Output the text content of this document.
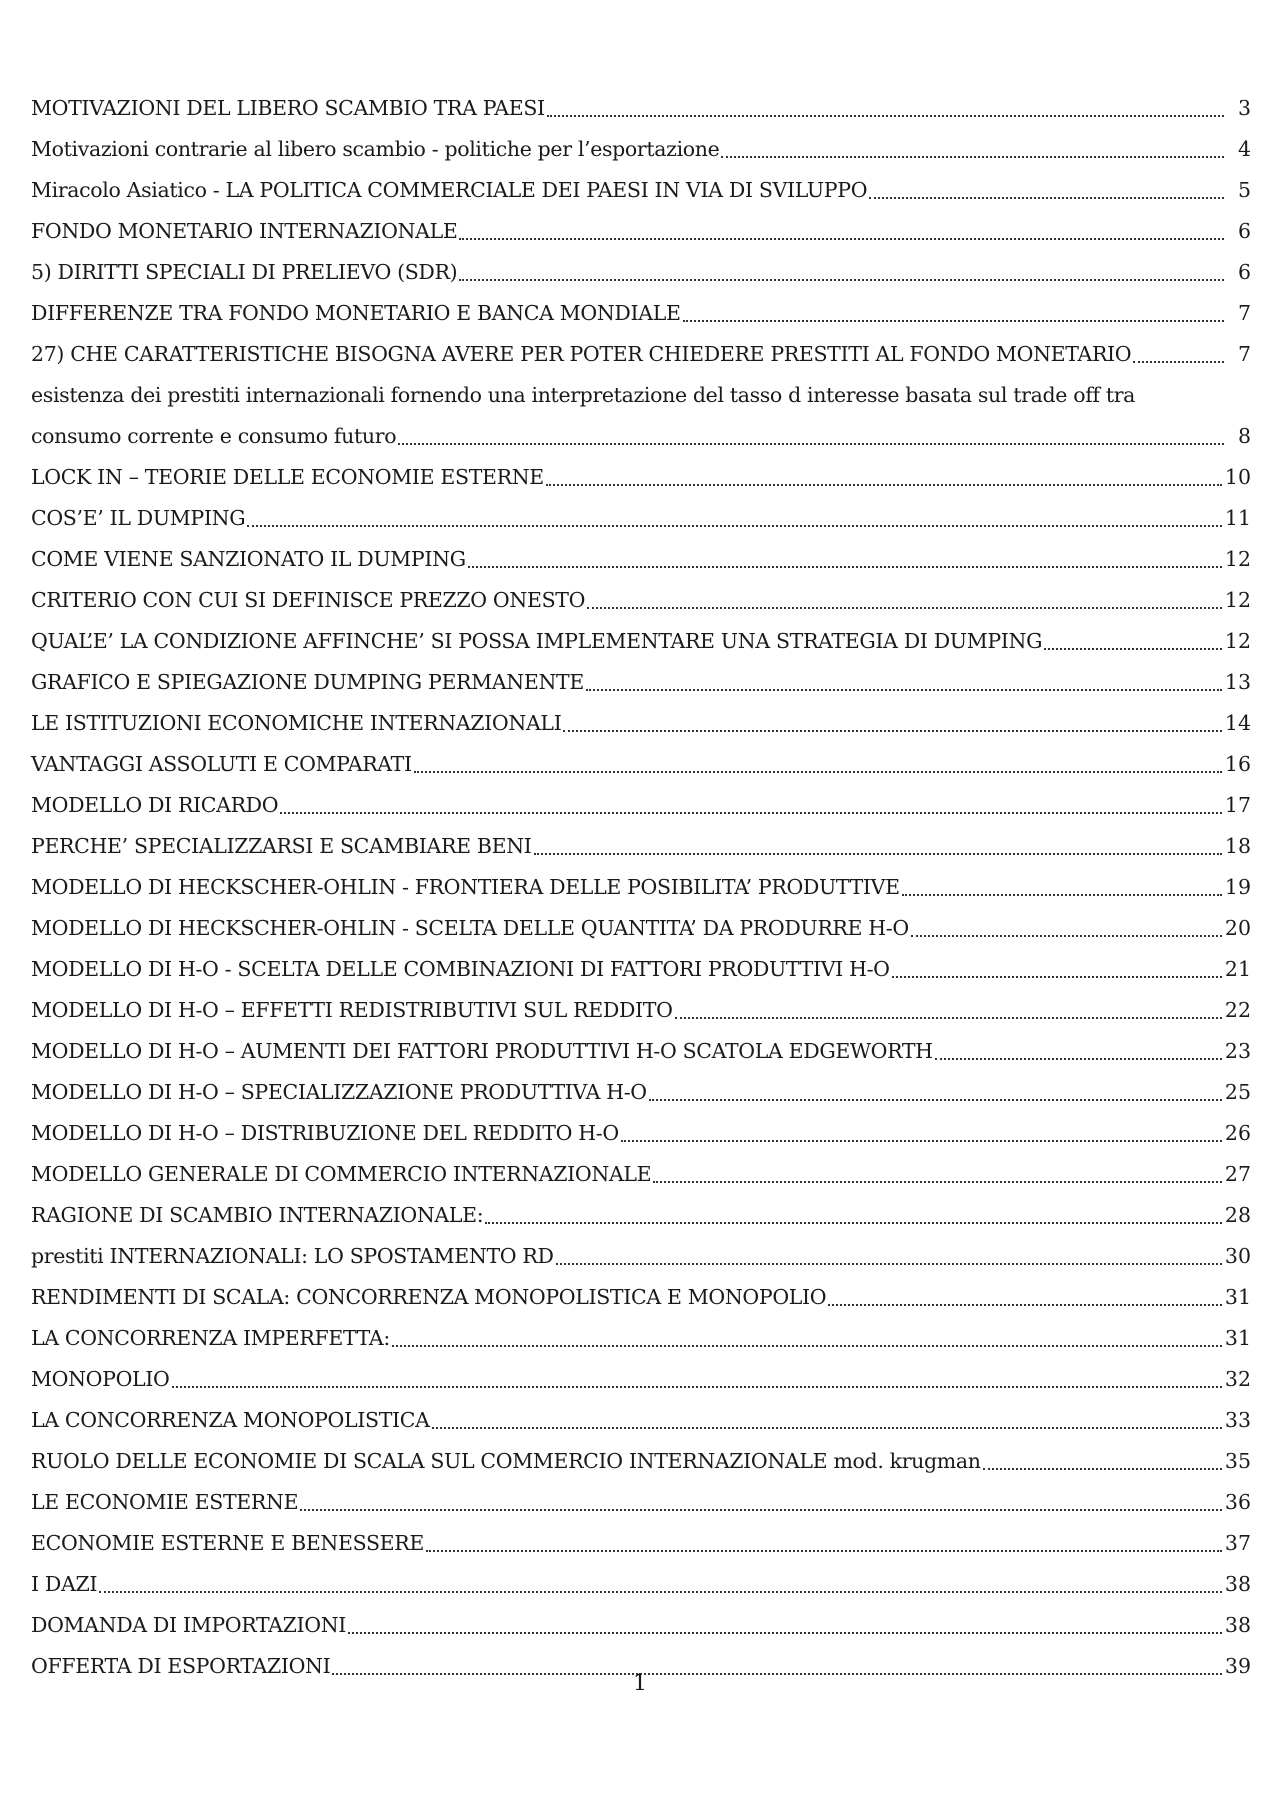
MOTIVAZIONI DEL LIBERO SCAMBIO TRA PAESI	3
Motivazioni contrarie al libero scambio - politiche per l’esportazione	4
Miracolo Asiatico - LA POLITICA COMMERCIALE DEI PAESI IN VIA DI SVILUPPO	5
FONDO MONETARIO INTERNAZIONALE	6
5) DIRITTI SPECIALI DI PRELIEVO (SDR)	6
DIFFERENZE TRA FONDO MONETARIO E BANCA MONDIALE	7
27) CHE CARATTERISTICHE BISOGNA AVERE PER POTER CHIEDERE PRESTITI AL FONDO MONETARIO	7
esistenza dei prestiti internazionali fornendo una interpretazione del tasso d interesse basata sul trade off tra
consumo corrente e consumo futuro	8
LOCK IN – TEORIE DELLE ECONOMIE ESTERNE	10
COS’E’ IL DUMPING	11
COME VIENE SANZIONATO IL DUMPING	12
CRITERIO CON CUI SI DEFINISCE PREZZO ONESTO	12
QUAL’E’ LA CONDIZIONE AFFINCHE’ SI POSSA IMPLEMENTARE UNA STRATEGIA DI DUMPING	12
GRAFICO E SPIEGAZIONE DUMPING PERMANENTE	13
LE ISTITUZIONI ECONOMICHE INTERNAZIONALI	14
VANTAGGI ASSOLUTI E COMPARATI	16
MODELLO DI RICARDO	17
PERCHE’ SPECIALIZZARSI E SCAMBIARE BENI	18
MODELLO DI HECKSCHER-OHLIN - FRONTIERA DELLE POSIBILITA’ PRODUTTIVE	19
MODELLO DI HECKSCHER-OHLIN - SCELTA DELLE QUANTITA’ DA PRODURRE H-O	20
MODELLO DI H-O - SCELTA DELLE COMBINAZIONI DI FATTORI PRODUTTIVI H-O	21
MODELLO DI H-O – EFFETTI REDISTRIBUTIVI SUL REDDITO	22
MODELLO DI H-O – AUMENTI DEI FATTORI PRODUTTIVI H-O SCATOLA EDGEWORTH	23
MODELLO DI H-O – SPECIALIZZAZIONE PRODUTTIVA H-O	25
MODELLO DI H-O – DISTRIBUZIONE DEL REDDITO H-O	26
MODELLO GENERALE DI COMMERCIO INTERNAZIONALE	27
RAGIONE DI SCAMBIO INTERNAZIONALE:	28
prestiti INTERNAZIONALI: LO SPOSTAMENTO RD	30
RENDIMENTI DI SCALA: CONCORRENZA MONOPOLISTICA E MONOPOLIO	31
LA CONCORRENZA IMPERFETTA:	31
MONOPOLIO	32
LA CONCORRENZA MONOPOLISTICA	33
RUOLO DELLE ECONOMIE DI SCALA SUL COMMERCIO INTERNAZIONALE mod. krugman	35
LE ECONOMIE ESTERNE	36
ECONOMIE ESTERNE E BENESSERE	37
I DAZI	38
DOMANDA DI IMPORTAZIONI	38
OFFERTA DI ESPORTAZIONI	39
1
